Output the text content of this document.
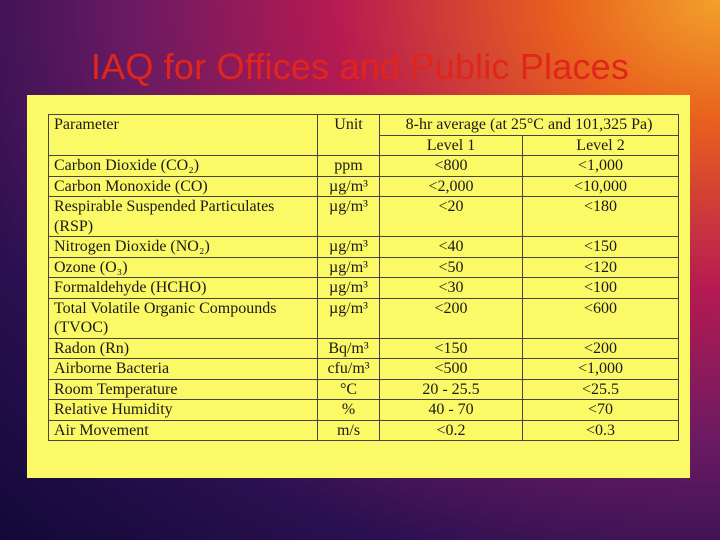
IAQ for Offices and Public Places
Parameter	Unit	8-hr average (at 25°C and 101,325 Pa)	
		Level 1	Level 2
Carbon Dioxide (CO₂)	ppm	<800	<1,000
Carbon Monoxide (CO)	µg/m³	<2,000	<10,000
Respirable Suspended Particulates (RSP)	µg/m³	<20	<180
Nitrogen Dioxide (NO₂)	µg/m³	<40	<150
Ozone (O₃)	µg/m³	<50	<120
Formaldehyde (HCHO)	µg/m³	<30	<100
Total Volatile Organic Compounds (TVOC)	µg/m³	<200	<600
Radon (Rn)	Bq/m³	<150	<200
Airborne Bacteria	cfu/m³	<500	<1,000
Room Temperature	°C	20 - 25.5	<25.5
Relative Humidity	%	40 - 70	<70
Air Movement	m/s	<0.2	<0.3
